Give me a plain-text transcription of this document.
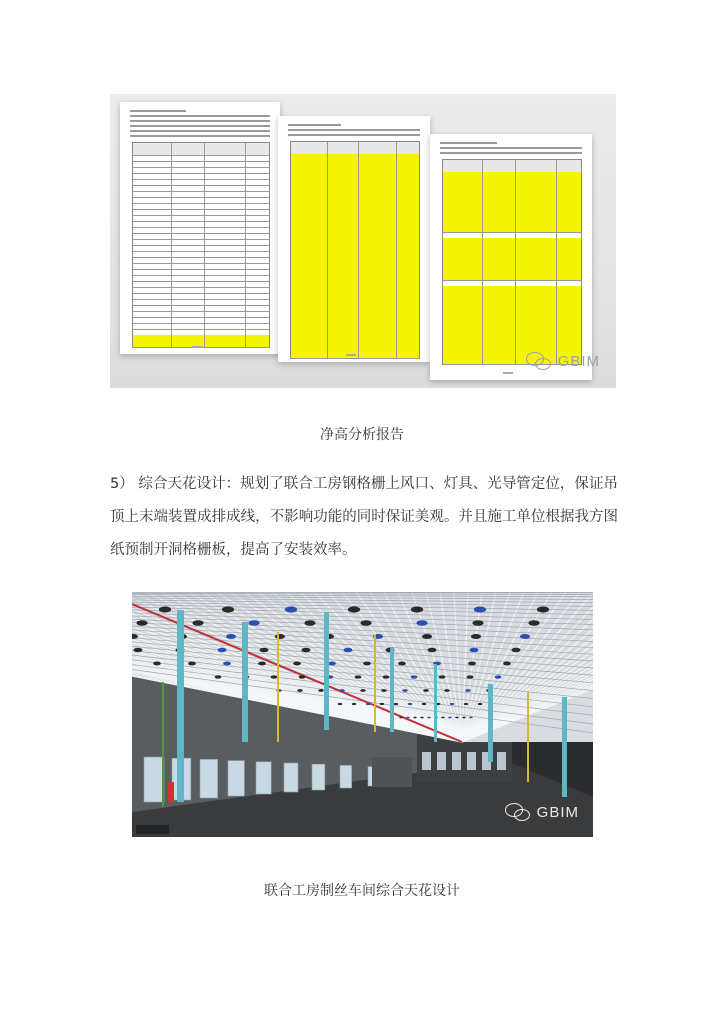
GBIM
净高分析报告

5） 综合天花设计：规划了联合工房钢格栅上风口、灯具、光导管定位，保证吊顶上末端装置成排成线，不影响功能的同时保证美观。并且施工单位根据我方图纸预制开洞格栅板，提高了安装效率。

GBIM
联合工房制丝车间综合天花设计
